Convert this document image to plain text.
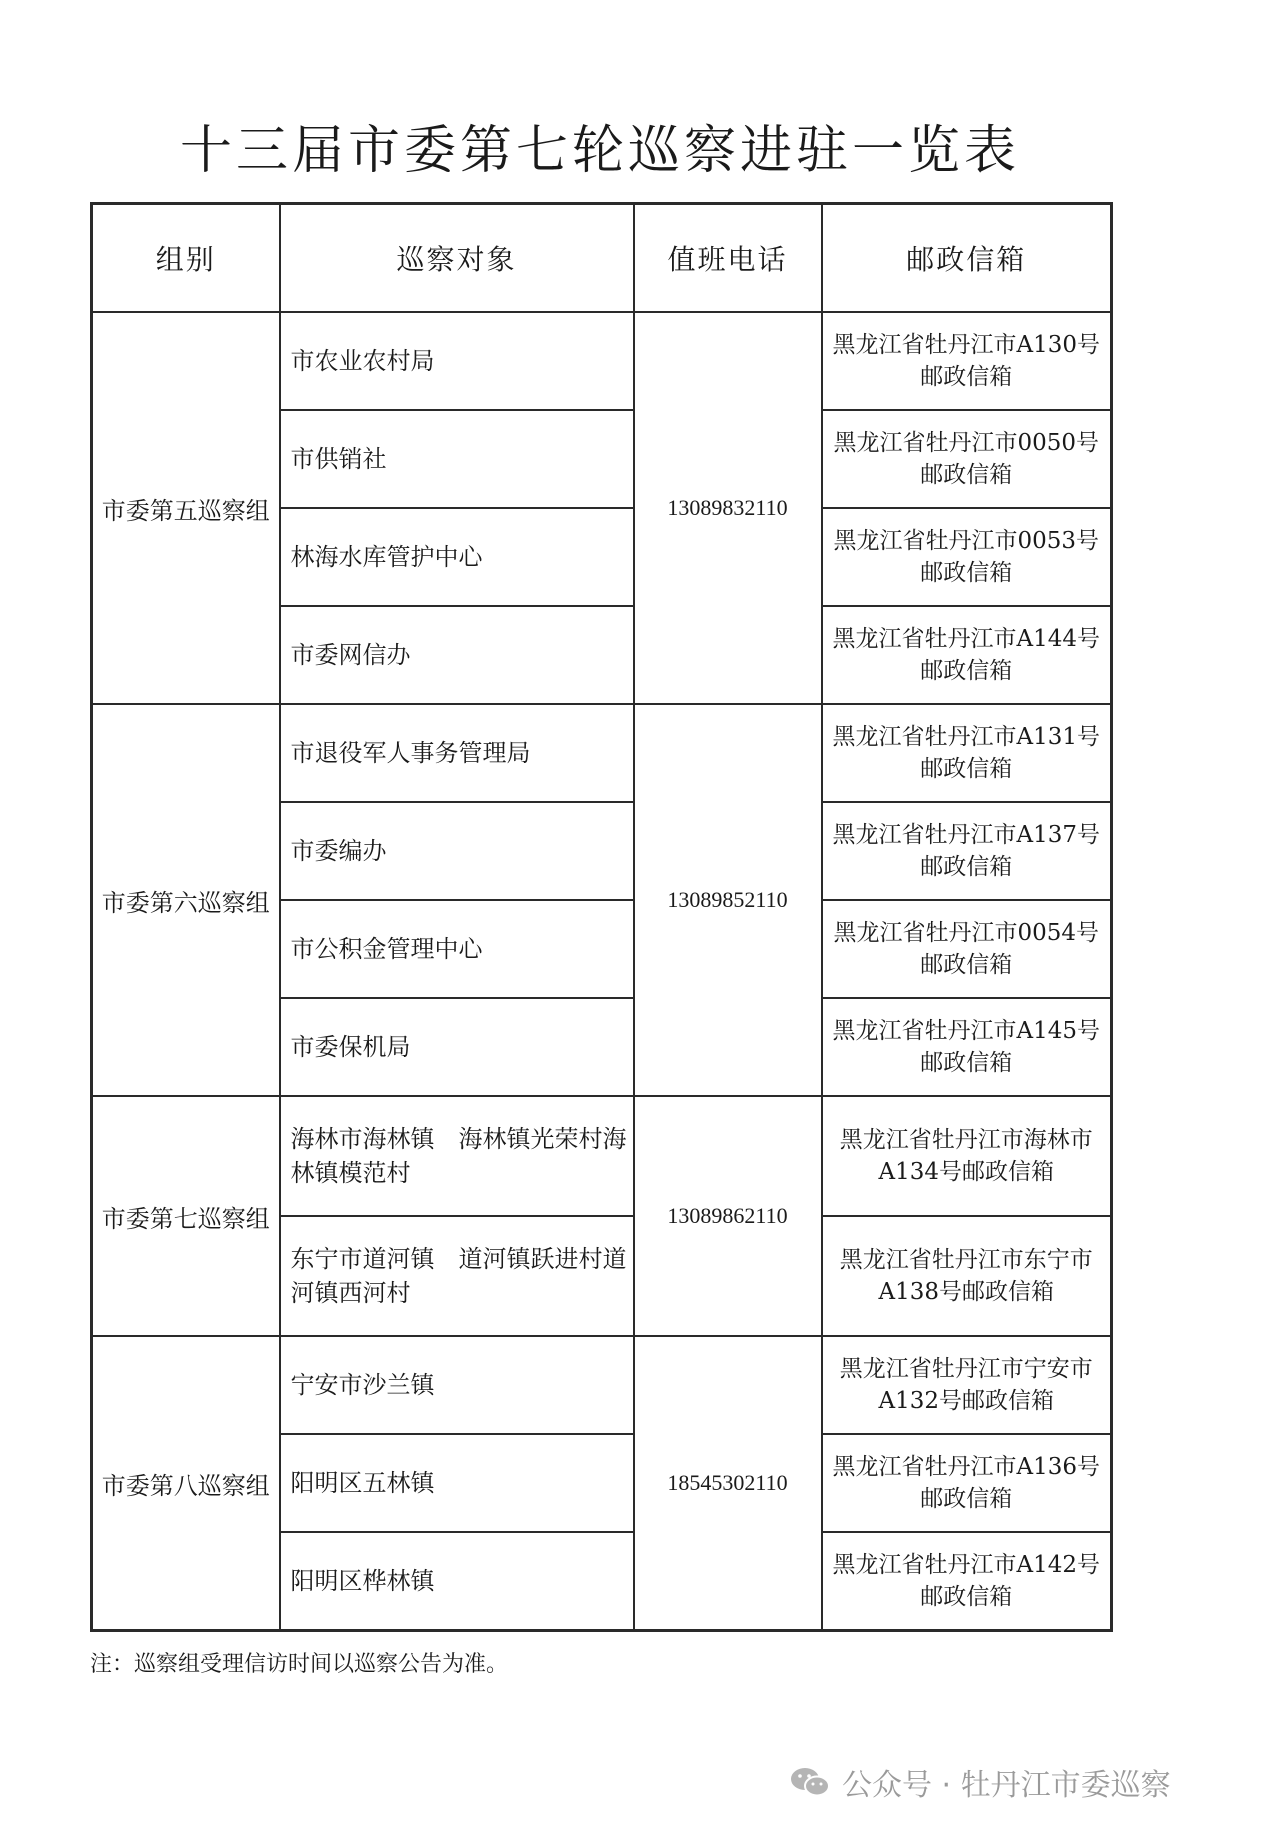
十三届市委第七轮巡察进驻一览表
组别	巡察对象	值班电话	邮政信箱
市委第五巡察组	市农业农村局	13089832110	黑龙江省牡丹江市A130号邮政信箱
	市供销社		黑龙江省牡丹江市0050号邮政信箱
	林海水库管护中心		黑龙江省牡丹江市0053号邮政信箱
	市委网信办		黑龙江省牡丹江市A144号邮政信箱
市委第六巡察组	市退役军人事务管理局	13089852110	黑龙江省牡丹江市A131号邮政信箱
	市委编办		黑龙江省牡丹江市A137号邮政信箱
	市公积金管理中心		黑龙江省牡丹江市0054号邮政信箱
	市委保机局		黑龙江省牡丹江市A145号邮政信箱
市委第七巡察组	海林市海林镇　海林镇光荣村海林镇模范村	13089862110	黑龙江省牡丹江市海林市A134号邮政信箱
	东宁市道河镇　道河镇跃进村道河镇西河村		黑龙江省牡丹江市东宁市A138号邮政信箱
市委第八巡察组	宁安市沙兰镇	18545302110	黑龙江省牡丹江市宁安市A132号邮政信箱
	阳明区五林镇		黑龙江省牡丹江市A136号邮政信箱
	阳明区桦林镇		黑龙江省牡丹江市A142号邮政信箱
注：巡察组受理信访时间以巡察公告为准。
公众号 · 牡丹江市委巡察
